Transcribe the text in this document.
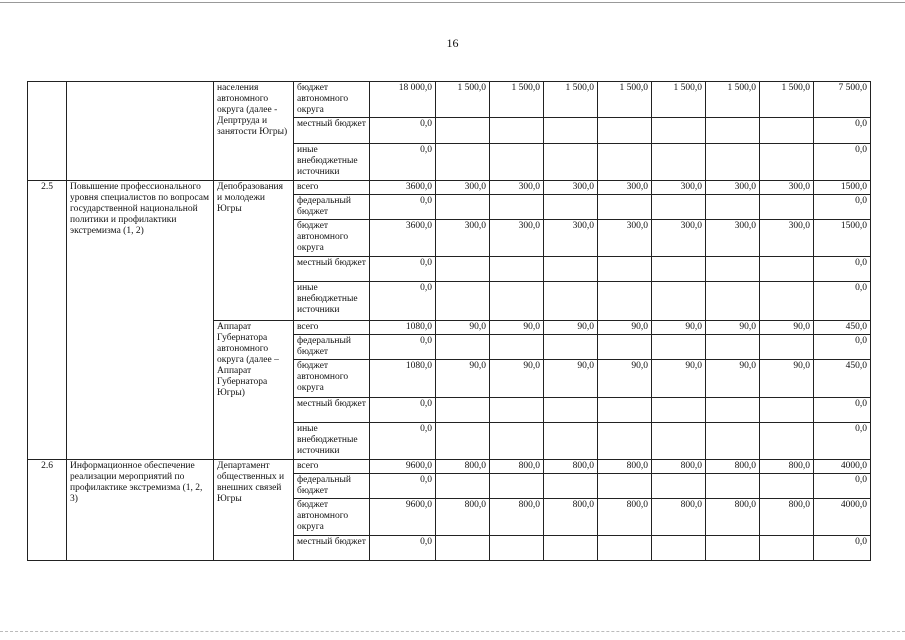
16
		населения автономного округа (далее - Депртруда и занятости Югры)	бюджет автономного округа	18 000,0	1 500,0	1 500,0	1 500,0	1 500,0	1 500,0	1 500,0	1 500,0	7 500,0
			местный бюджет	0,0								0,0
			иные внебюджетные источники	0,0								0,0
2.5	Повышение профессионального уровня специалистов по вопросам государственной национальной политики и профилактики экстремизма (1, 2)	Депобразования и молодежи Югры	всего	3600,0	300,0	300,0	300,0	300,0	300,0	300,0	300,0	1500,0
			федеральный бюджет	0,0								0,0
			бюджет автономного округа	3600,0	300,0	300,0	300,0	300,0	300,0	300,0	300,0	1500,0
			местный бюджет	0,0								0,0
			иные внебюджетные источники	0,0								0,0
		Аппарат Губернатора автономного округа (далее – Аппарат Губернатора Югры)	всего	1080,0	90,0	90,0	90,0	90,0	90,0	90,0	90,0	450,0
			федеральный бюджет	0,0								0,0
			бюджет автономного округа	1080,0	90,0	90,0	90,0	90,0	90,0	90,0	90,0	450,0
			местный бюджет	0,0								0,0
			иные внебюджетные источники	0,0								0,0
2.6	Информационное обеспечение реализации мероприятий по профилактике экстремизма (1, 2, 3)	Департамент общественных и внешних связей Югры	всего	9600,0	800,0	800,0	800,0	800,0	800,0	800,0	800,0	4000,0
			федеральный бюджет	0,0								0,0
			бюджет автономного округа	9600,0	800,0	800,0	800,0	800,0	800,0	800,0	800,0	4000,0
			местный бюджет	0,0								0,0
